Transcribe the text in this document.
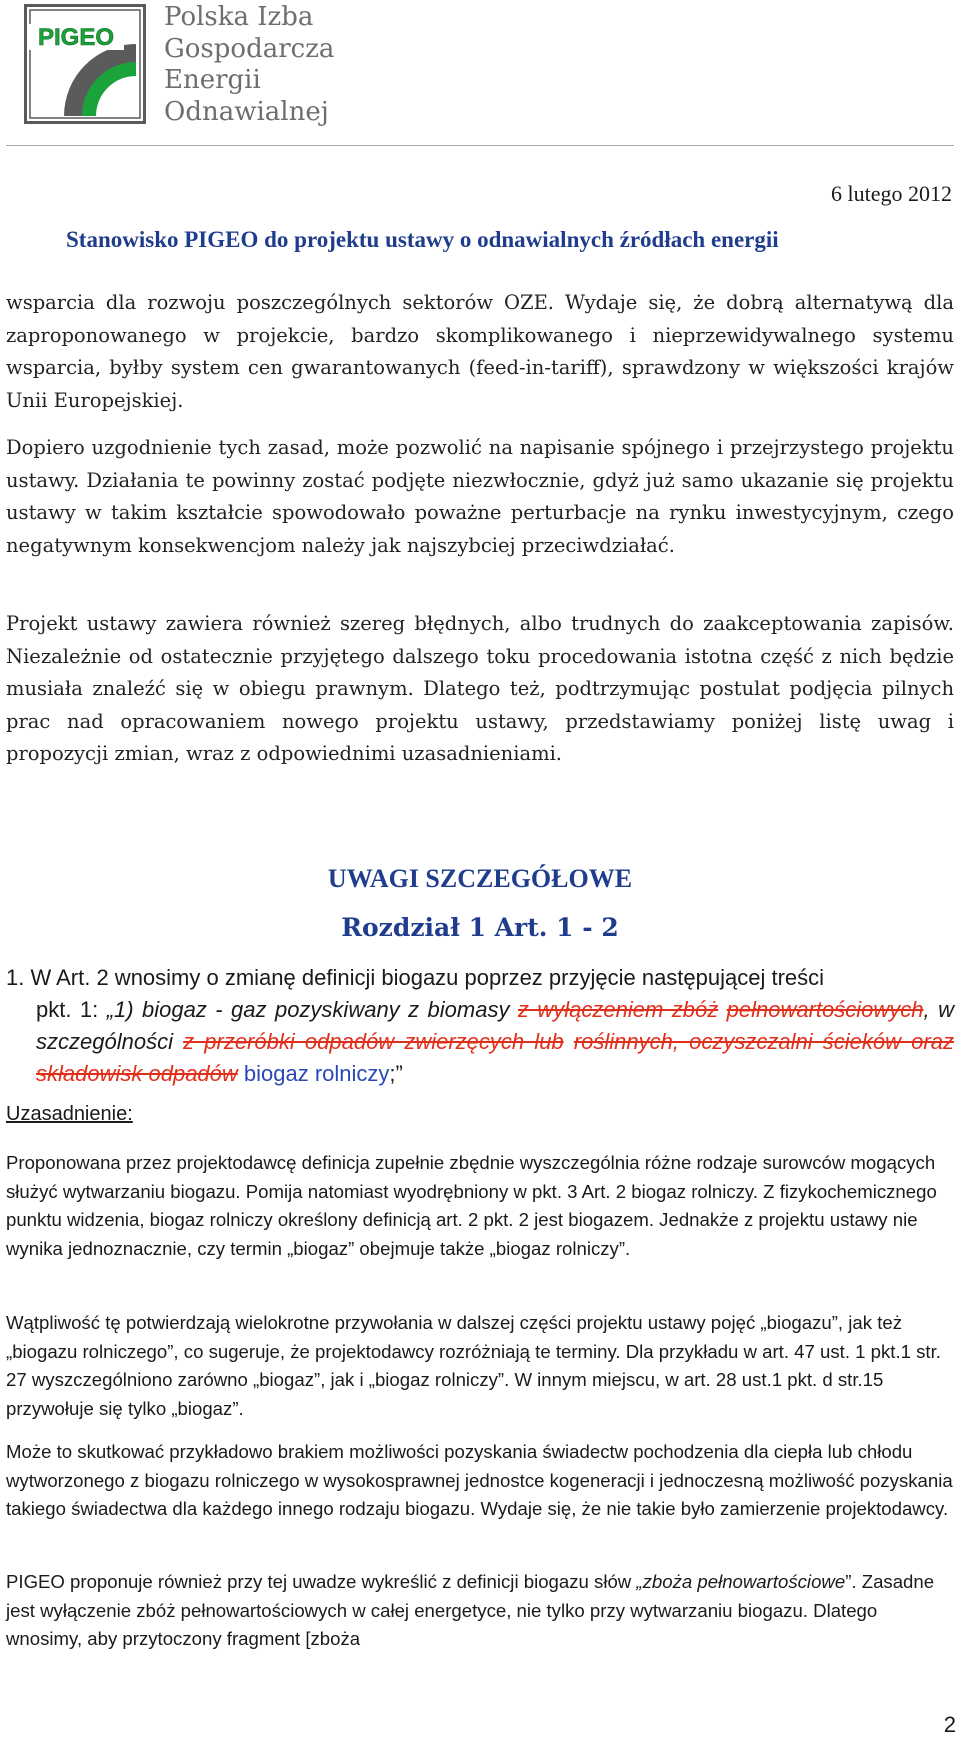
PIGEO
Polska Izba
Gospodarcza
Energii
Odnawialnej
6 lutego 2012
Stanowisko PIGEO do projektu ustawy o odnawialnych źródłach energii

wsparcia dla rozwoju poszczególnych sektorów OZE. Wydaje się, że dobrą alternatywą dla zaproponowanego w projekcie, bardzo skomplikowanego i nieprzewidywalnego systemu wsparcia, byłby system cen gwarantowanych (feed-in-tariff), sprawdzony w większości krajów Unii Europejskiej.

Dopiero uzgodnienie tych zasad, może pozwolić na napisanie spójnego i przejrzystego projektu ustawy. Działania te powinny zostać podjęte niezwłocznie, gdyż już samo ukazanie się projektu ustawy w takim kształcie spowodowało poważne perturbacje na rynku inwestycyjnym, czego negatywnym konsekwencjom należy jak najszybciej przeciwdziałać.

Projekt ustawy zawiera również szereg błędnych, albo trudnych do zaakceptowania zapisów. Niezależnie od ostatecznie przyjętego dalszego toku procedowania istotna część z nich będzie musiała znaleźć się w obiegu prawnym. Dlatego też, podtrzymując postulat podjęcia pilnych prac nad opracowaniem nowego projektu ustawy, przedstawiamy poniżej listę uwag i propozycji zmian, wraz z odpowiednimi uzasadnieniami.

UWAGI SZCZEGÓŁOWE
Rozdział 1 Art. 1 - 2
1. W Art. 2 wnosimy o zmianę definicji biogazu poprzez przyjęcie następującej treści
pkt. 1: „1) biogaz - gaz pozyskiwany z biomasy z wyłączeniem zbóż pełnowartościowych, w szczególności z przeróbki odpadów zwierzęcych lub roślinnych, oczyszczalni ścieków oraz składowisk odpadów biogaz rolniczy;”
Uzasadnienie:

Proponowana przez projektodawcę definicja zupełnie zbędnie wyszczególnia różne rodzaje surowców mogących służyć wytwarzaniu biogazu. Pomija natomiast wyodrębniony w pkt. 3 Art. 2 biogaz rolniczy. Z fizykochemicznego punktu widzenia, biogaz rolniczy określony definicją art. 2 pkt. 2 jest biogazem. Jednakże z projektu ustawy nie wynika jednoznacznie, czy termin „biogaz” obejmuje także „biogaz rolniczy”.

Wątpliwość tę potwierdzają wielokrotne przywołania w dalszej części projektu ustawy pojęć „biogazu”, jak też „biogazu rolniczego”, co sugeruje, że projektodawcy rozróżniają te terminy. Dla przykładu w art. 47 ust. 1 pkt.1 str. 27 wyszczególniono zarówno „biogaz”, jak i „biogaz rolniczy”. W innym miejscu, w art. 28 ust.1 pkt. d str.15 przywołuje się tylko „biogaz”.

Może to skutkować przykładowo brakiem możliwości pozyskania świadectw pochodzenia dla ciepła lub chłodu wytworzonego z biogazu rolniczego w wysokosprawnej jednostce kogeneracji i jednoczesną możliwość pozyskania takiego świadectwa dla każdego innego rodzaju biogazu. Wydaje się, że nie takie było zamierzenie projektodawcy.

PIGEO proponuje również przy tej uwadze wykreślić z definicji biogazu słów „zboża pełnowartościowe”. Zasadne jest wyłączenie zbóż pełnowartościowych w całej energetyce, nie tylko przy wytwarzaniu biogazu. Dlatego wnosimy, aby przytoczony fragment [zboża

2
